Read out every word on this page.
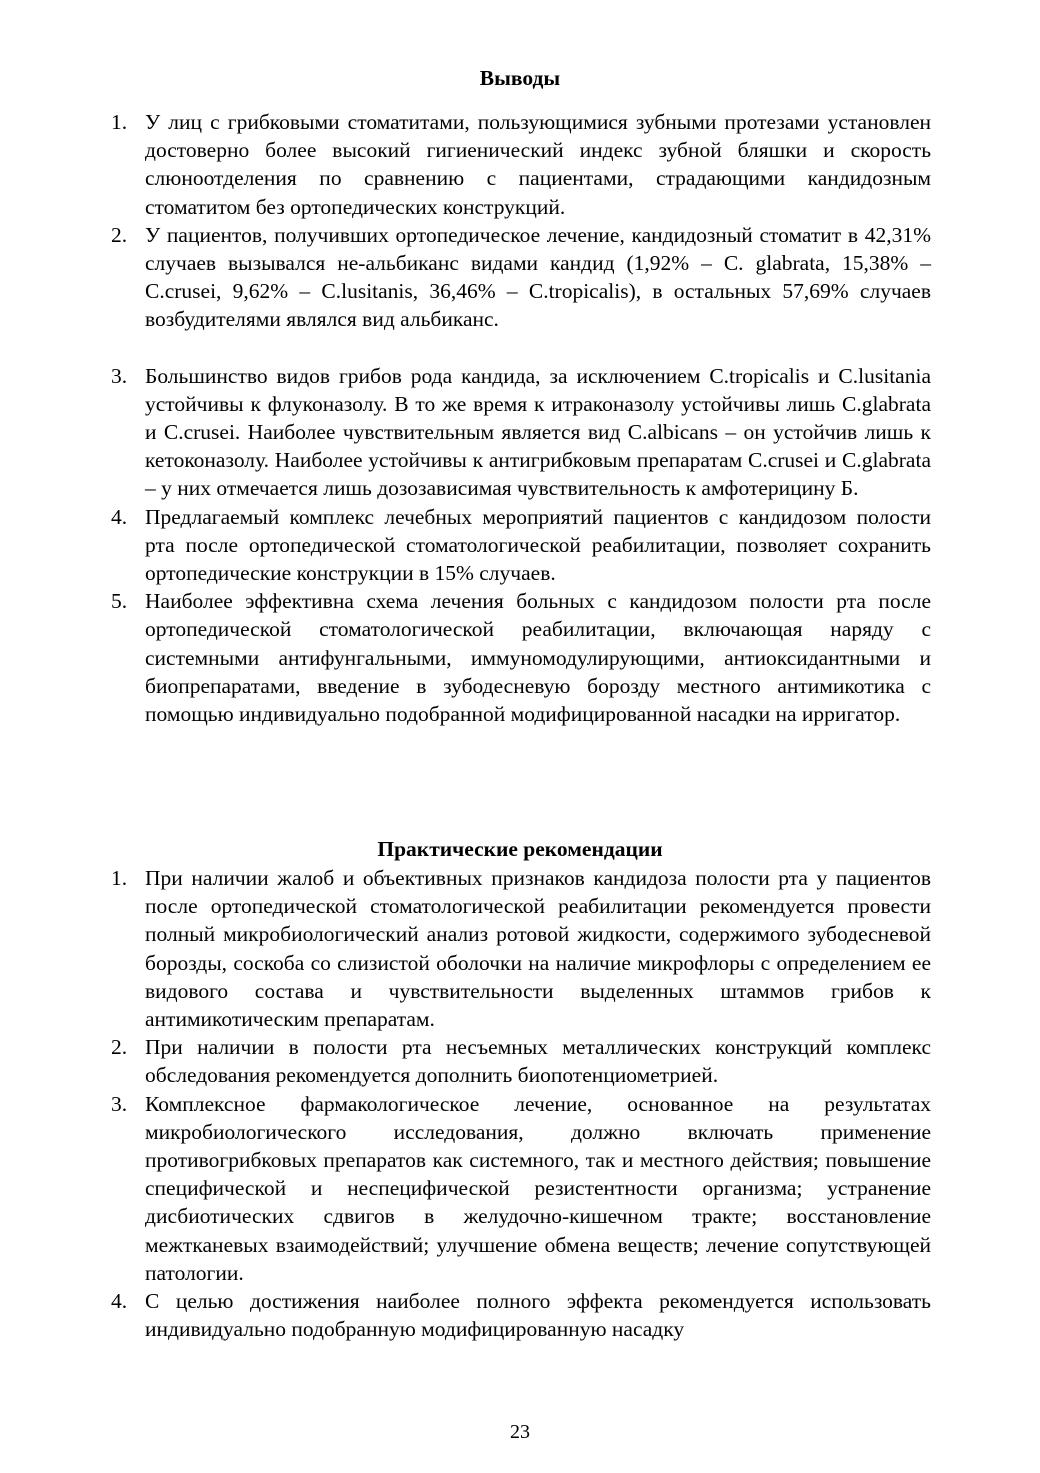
Выводы
1. У лиц с грибковыми стоматитами, пользующимися зубными протезами установлен достоверно более высокий гигиенический индекс зубной бляшки и скорость слюноотделения по сравнению с пациентами, страдающими кандидозным стоматитом без ортопедических конструкций.
2. У пациентов, получивших ортопедическое лечение, кандидозный стоматит в 42,31% случаев вызывался не-альбиканс видами кандид (1,92% – C. glabrata, 15,38% – C.crusei, 9,62% – C.lusitanis, 36,46% – C.tropicalis), в остальных 57,69% случаев возбудителями являлся вид альбиканс.
3. Большинство видов грибов рода кандида, за исключением C.tropicalis и C.lusitania устойчивы к флуконазолу. В то же время к итраконазолу устойчивы лишь C.glabrata и C.crusei. Наиболее чувствительным является вид C.albicans – он устойчив лишь к кетоконазолу. Наиболее устойчивы к антигрибковым препаратам C.crusei и C.glabrata – у них отмечается лишь дозозависимая чувствительность к амфотерицину Б.
4. Предлагаемый комплекс лечебных мероприятий пациентов с кандидозом полости рта после ортопедической стоматологической реабилитации, позволяет сохранить ортопедические конструкции в 15% случаев.
5. Наиболее эффективна схема лечения больных с кандидозом полости рта после ортопедической стоматологической реабилитации, включающая наряду с системными антифунгальными, иммуномодулирующими, антиоксидантными и биопрепаратами, введение в зубодесневую борозду местного антимикотика с помощью индивидуально подобранной модифицированной насадки на ирригатор.
Практические рекомендации
1. При наличии жалоб и объективных признаков кандидоза полости рта у пациентов после ортопедической стоматологической реабилитации рекомендуется провести полный микробиологический анализ ротовой жидкости, содержимого зубодесневой борозды, соскоба со слизистой оболочки на наличие микрофлоры с определением ее видового состава и чувствительности выделенных штаммов грибов к антимикотическим препаратам.
2. При наличии в полости рта несъемных металлических конструкций комплекс обследования рекомендуется дополнить биопотенциометрией.
3. Комплексное фармакологическое лечение, основанное на результатах микробиологического исследования, должно включать применение противогрибковых препаратов как системного, так и местного действия; повышение специфической и неспецифической резистентности организма; устранение дисбиотических сдвигов в желудочно-кишечном тракте; восстановление межтканевых взаимодействий; улучшение обмена веществ; лечение сопутствующей патологии.
4. С целью достижения наиболее полного эффекта рекомендуется использовать индивидуально подобранную модифицированную насадку
23
